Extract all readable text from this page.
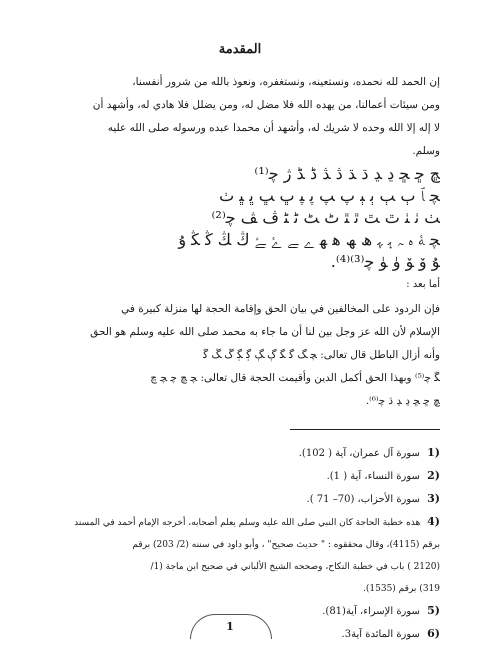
المقدمة
إن الحمد لله نحمده، ونستعينه، ونستغفره، ونعوذ بالله من شرور أنفسنا،
ومن سيئات أعمالنا، من يهده الله فلا مضل له، ومن يضلل فلا هادي له، وأشهد أن
لا إله إلا الله وحده لا شريك له، وأشهد أن محمدا عبده ورسوله صلى الله عليه
وسلم.
ﭿ ﮀ ﮁ ﮂ ﮃ ﮄ ﮅ ﮆ ﮇ ﮈ ﮉ ﮊ ﭼ⁽¹⁾
ﭽ ﭑ ﭒ ﭓ ﭔ ﭕ ﭖ ﭗ ﭘ ﭙ ﭚ ﭛ ﭜ ﭝ ﭞ
ﭟ ﭠ ﭡ ﭢ ﭣ ﭤ ﭥ ﭦ ﭧ ﭨ ﭩ ﭪ ﭫ ﭼ⁽²⁾
ﭽ ﮥ ﮦ ﮧ ﮨ ﮩ ﮪ ﮫ ﮬ ﮭ ﮮ ﮯ ﮰ ﮱ ﯓ ﯔ ﯕ ﯖ ﯗ
ﯘ ﯙ ﯚ ﯛ ﯜ ﭼ⁽³⁾⁽⁴⁾.
أما بعد :
فإن الردود على المخالفين في بيان الحق وإقامة الحجة لها منزلة كبيرة في
الإسلام لأن الله عز وجل بين لنا أن ما جاء به محمد صلى الله عليه وسلم هو الحق
وأنه أزال الباطل قال تعالى: ﭽ ﮓ ﮔ ﮕ ﮖ ﮗ ﮘ ﮙ ﮚ ﮛ ﮜ
ﮝ ﭼ⁽⁵⁾ وبهذا الحق أكمل الدين وأقيمت الحجة قال تعالى: ﭽ ﭻ ﭼ ﭽ ﭾ
ﭿ ﮀ ﮁ ﮂ ﮃ ﮄ ﭼ⁽⁶⁾.
(1 سورة آل عمران، آية ( 102).
(2 سورة النساء، آية ( 1).
(3 سورة الأحزاب، (70– 71 ).
(4 هذه خطبة الحاجة كان النبي صلى الله عليه وسلم يعلم أصحابه، أخرجه الإمام أحمد في المسند
برقم (4115)، وقال محققوه : " حديث صحيح" ، وأبو داود في سننه (2/ 203) برقم
(2120 ) باب في خطبة النكاح، وصححه الشيخ الألباني في صحيح ابن ماجة (1/
319) برقم (1535).
(5 سورة الإسراء، آية(81).
(6 سورة المائدة آية3.
1
